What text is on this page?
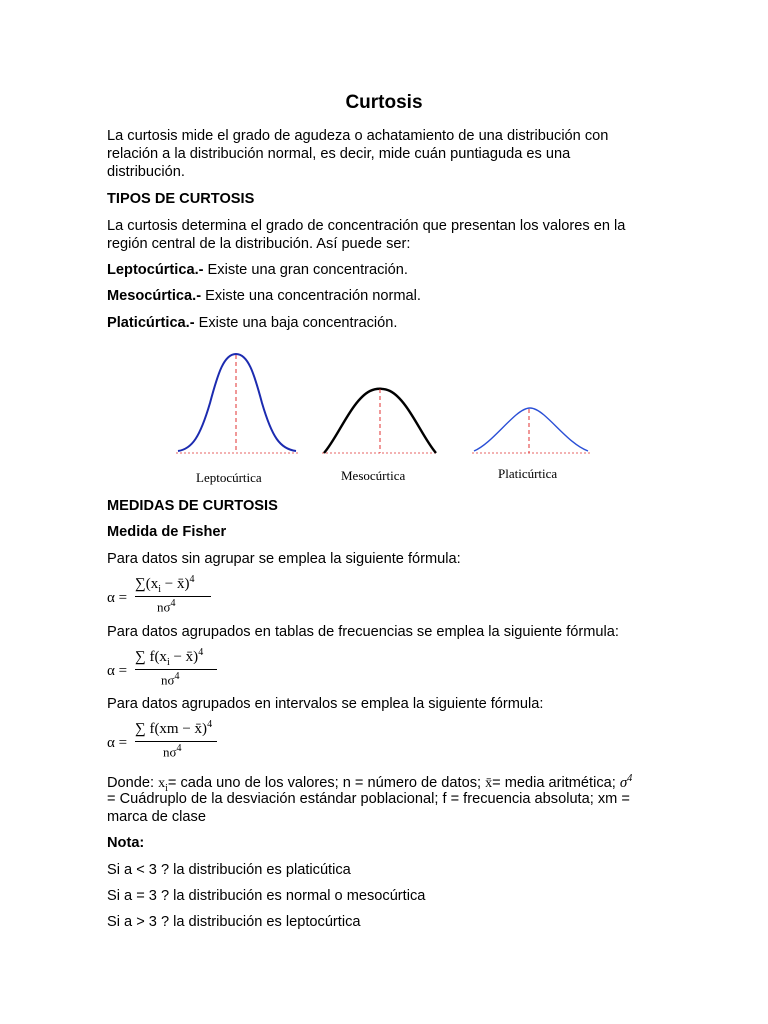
Curtosis
La curtosis mide el grado de agudeza o achatamiento de una distribución con
relación a la distribución normal, es decir, mide cuán puntiaguda es una
distribución.
TIPOS DE CURTOSIS
La curtosis determina el grado de concentración que presentan los valores en la
región central de la distribución. Así puede ser:
Leptocúrtica.- Existe una gran concentración.
Mesocúrtica.- Existe una concentración normal.
Platicúrtica.- Existe una baja concentración.
Leptocúrtica	Mesocúrtica	Platicúrtica
MEDIDAS DE CURTOSIS
Medida de Fisher
Para datos sin agrupar se emplea la siguiente fórmula:
α =
$\sum(x_i$ − x̄)$^4$
$n\sigma^4$
Para datos agrupados en tablas de frecuencias se emplea la siguiente fórmula:
α =
∑ $f(x_i$ − x̄)$^4$
$n\sigma^4$
Para datos agrupados en intervalos se emplea la siguiente fórmula:
α =
∑ f(xm − x̄)$^4$
$n\sigma^4$
Donde: $x_i=$ cada uno de los valores; n = número de datos; x̄= media aritmética; $\sigma^4$
= Cuádruplo de la desviación estándar poblacional; f = frecuencia absoluta; xm =
marca de clase
Nota:
Si a < 3 ? la distribución es platicútica
Si a = 3 ? la distribución es normal o mesocúrtica
Si a > 3 ? la distribución es leptocúrtica
